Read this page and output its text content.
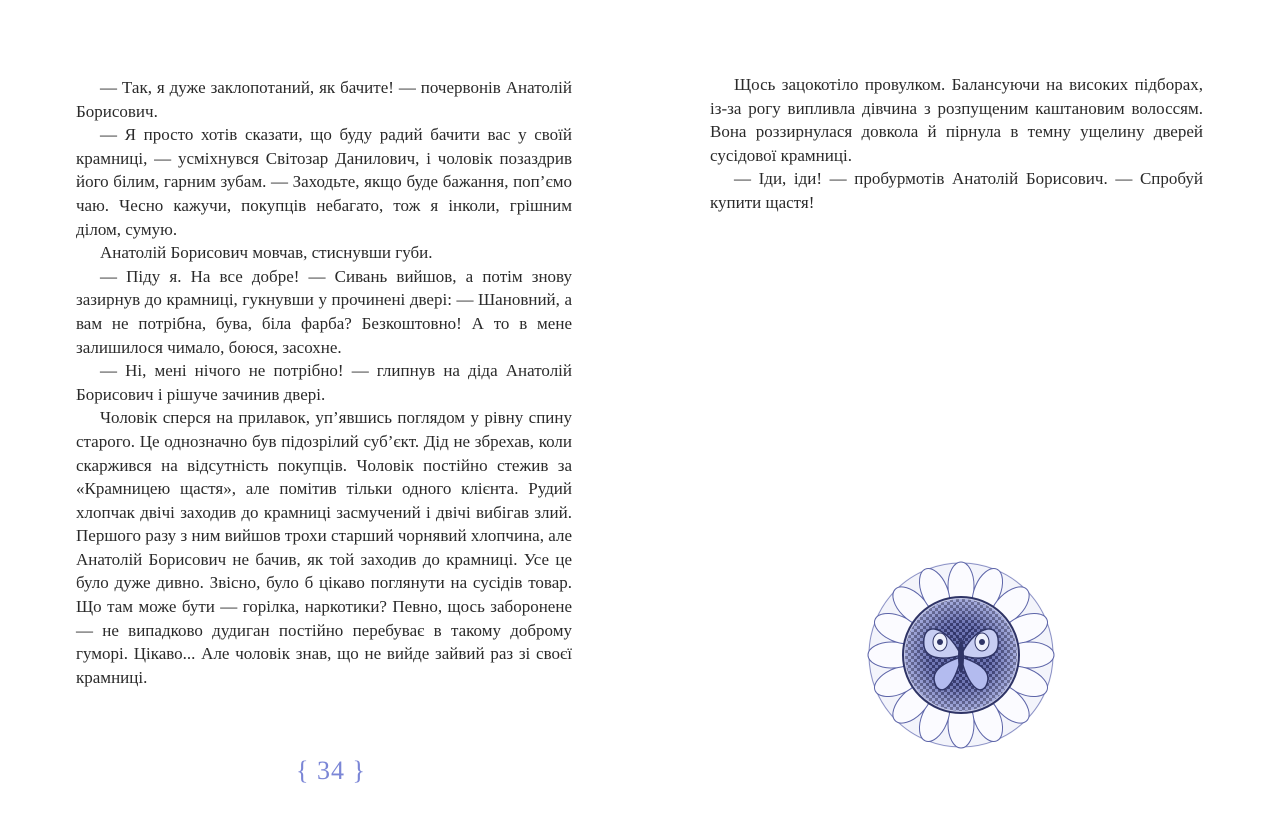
— Так, я дуже заклопотаний, як бачите! — почервонів Анатолій Борисович.

— Я просто хотів сказати, що буду радий бачити вас у своїй крамниці, — усміхнувся Світозар Данилович, і чоловік позаздрив його білим, гарним зубам. — Заходьте, якщо буде бажання, поп’ємо чаю. Чесно кажучи, покупців небагато, тож я інколи, грішним ділом, сумую.

Анатолій Борисович мовчав, стиснувши губи.

— Піду я. На все добре! — Сивань вийшов, а потім знову зазирнув до крамниці, гукнувши у прочинені двері: — Шановний, а вам не потрібна, бува, біла фарба? Безкоштовно! А то в мене залишилося чимало, боюся, засохне.

— Ні, мені нічого не потрібно! — глипнув на діда Анатолій Борисович і рішуче зачинив двері.

Чоловік сперся на прилавок, уп’явшись поглядом у рівну спину старого. Це однозначно був підозрілий суб’єкт. Дід не збрехав, коли скаржився на відсутність покупців. Чоловік постійно стежив за «Крамницею щастя», але помітив тільки одного клієнта. Рудий хлопчак двічі заходив до крамниці засмучений і двічі вибігав злий. Першого разу з ним вийшов трохи старший чорнявий хлопчина, але Анатолій Борисович не бачив, як той заходив до крамниці. Усе це було дуже дивно. Звісно, було б цікаво поглянути на сусідів товар. Що там може бути — горілка, наркотики? Певно, щось заборонене — не випадково дудиган постійно перебуває в такому доброму гуморі. Цікаво... Але чоловік знав, що не вийде зайвий раз зі своєї крамниці.

{ 34 }

Щось зацокотіло провулком. Балансуючи на високих підборах, із-за рогу випливла дівчина з розпущеним каштановим волоссям. Вона роззирнулася довкола й пірнула в темну ущелину дверей сусідової крамниці.

— Іди, іди! — пробурмотів Анатолій Борисович. — Спробуй купити щастя!
